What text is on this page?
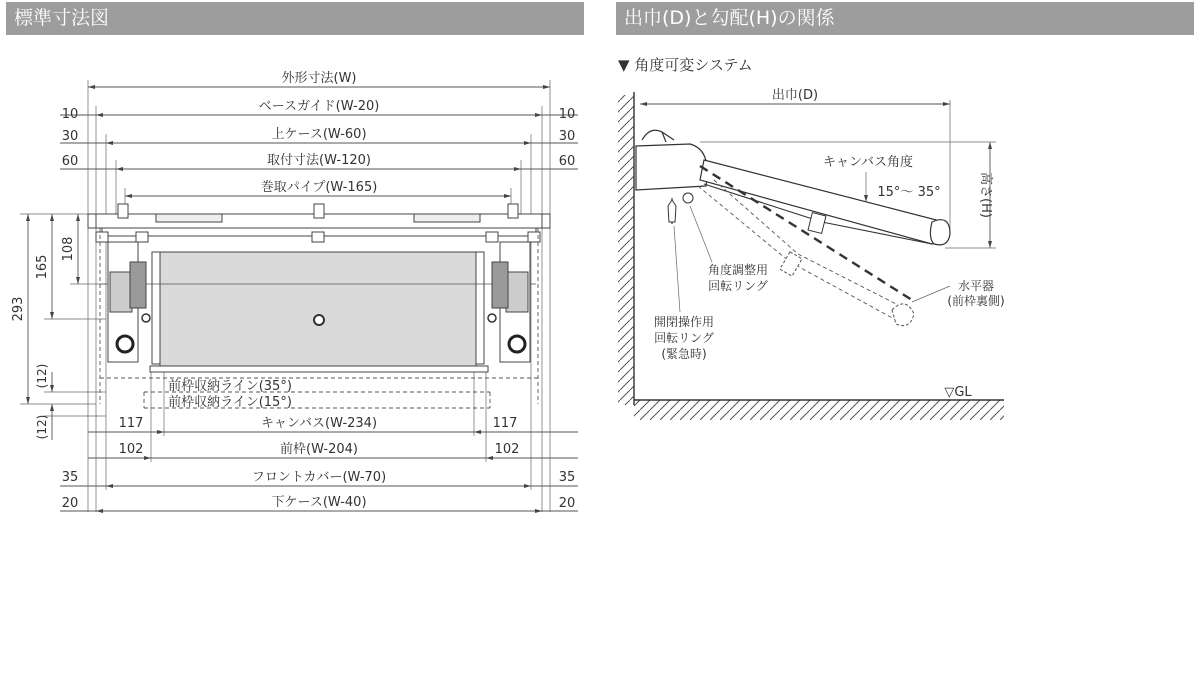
標準寸法図	出巾(D)と勾配(H)の関係
外形寸法(W)
ベースガイド(W-20)
上ケース(W-60)
取付寸法(W-120)
巻取パイプ(W-165)
10
30
60
10
30
60
293
165
108
(12)
(12)
前枠収納ライン(35°)
前枠収納ライン(15°)
キャンバス(W-234)
前枠(W-204)
フロントカバー(W-70)
下ケース(W-40)
117	117
102	102
35	35
20	20
▼ 角度可変システム
▽GL
出巾(D)
高さ(H)
キャンバス角度
15°～ 35°
角度調整用
回転リング
開閉操作用
回転リング
(緊急時)
水平器
(前枠裏側)
